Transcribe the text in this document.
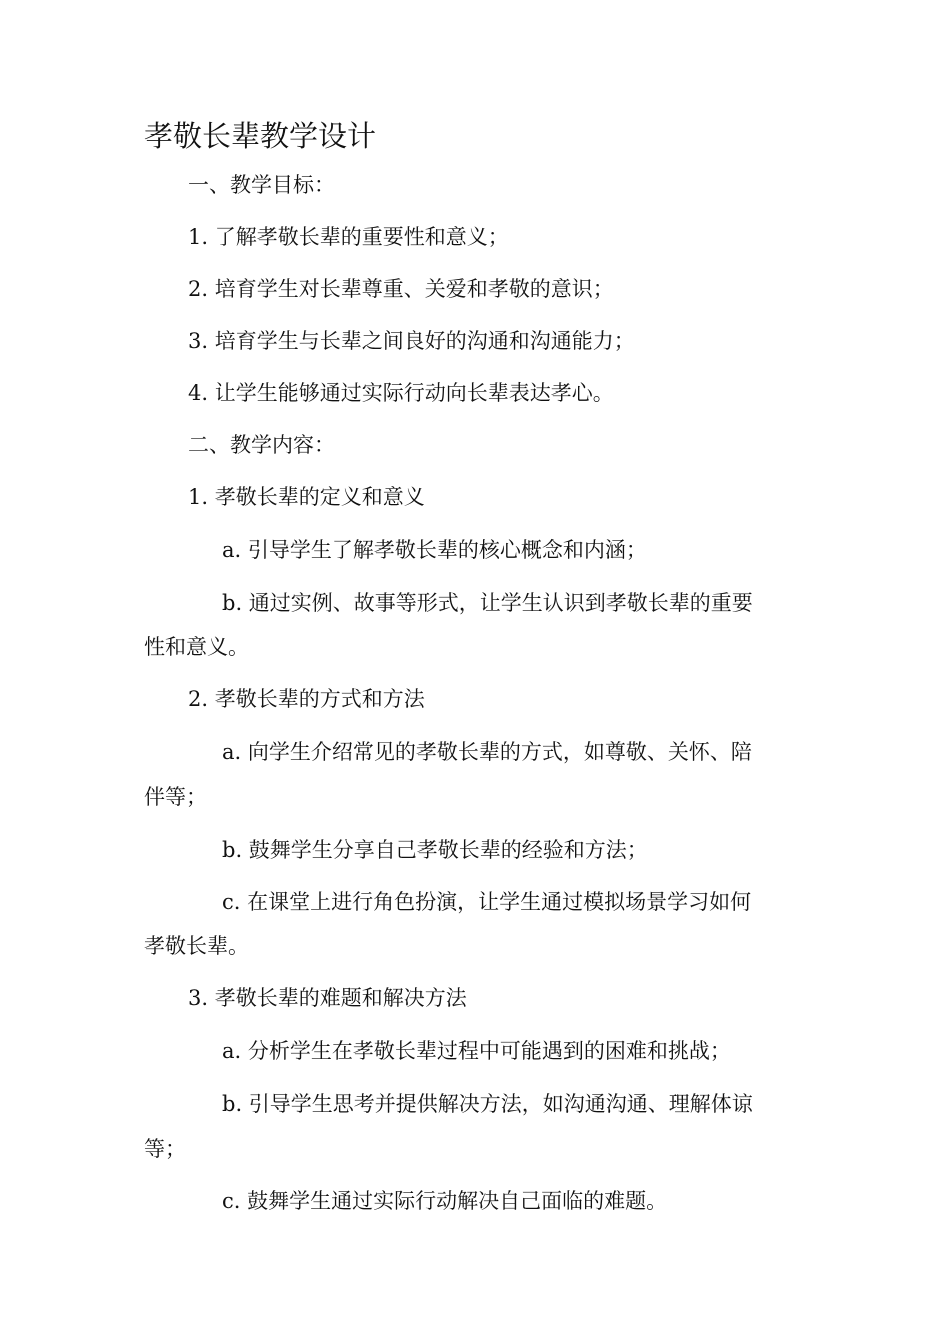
孝敬长辈教学设计

一、教学目标：

1. 了解孝敬长辈的重要性和意义；

2. 培育学生对长辈尊重、关爱和孝敬的意识；

3. 培育学生与长辈之间良好的沟通和沟通能力；

4. 让学生能够通过实际行动向长辈表达孝心。

二、教学内容：

1. 孝敬长辈的定义和意义

a. 引导学生了解孝敬长辈的核心概念和内涵；

b. 通过实例、故事等形式，让学生认识到孝敬长辈的重要

性和意义。

2. 孝敬长辈的方式和方法

a. 向学生介绍常见的孝敬长辈的方式，如尊敬、关怀、陪

伴等；

b. 鼓舞学生分享自己孝敬长辈的经验和方法；

c. 在课堂上进行角色扮演，让学生通过模拟场景学习如何

孝敬长辈。

3. 孝敬长辈的难题和解决方法

a. 分析学生在孝敬长辈过程中可能遇到的困难和挑战；

b. 引导学生思考并提供解决方法，如沟通沟通、理解体谅

等；

c. 鼓舞学生通过实际行动解决自己面临的难题。
